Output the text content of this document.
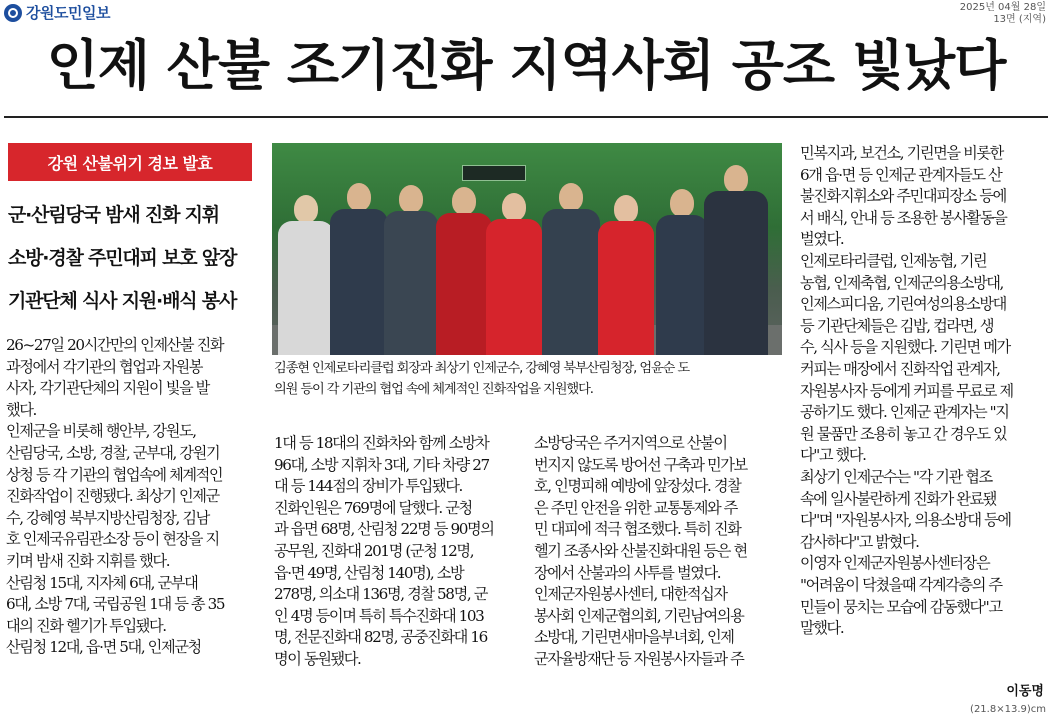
강원도민일보	2025년 04월 28일
13면 (지역)
인제 산불 조기진화 지역사회 공조 빛났다
강원 산불위기 경보 발효
군·산림당국 밤새 진화 지휘
소방·경찰 주민대피 보호 앞장
기관단체 식사 지원·배식 봉사
김종현 인제로타리클럽 회장과 최상기 인제군수, 강혜영 북부산림청장, 엄윤순 도
의원 등이 각 기관의 협업 속에 체계적인 진화작업을 지원했다.
26~27일 20시간만의 인제산불 진화
과정에서 각기관의 협업과 자원봉
사자, 각기관단체의 지원이 빛을 발
했다.
인제군을 비롯해 행안부, 강원도,
산림당국, 소방, 경찰, 군부대, 강원기
상청 등 각 기관의 협업속에 체계적인
진화작업이 진행됐다. 최상기 인제군
수, 강혜영 북부지방산림청장, 김남
호 인제국유림관소장 등이 현장을 지
키며 밤새 진화 지휘를 했다.
산림청 15대, 지자체 6대, 군부대
6대, 소방 7대, 국립공원 1대 등 총 35
대의 진화 헬기가 투입됐다.
산림청 12대, 읍·면 5대, 인제군청
1대 등 18대의 진화차와 함께 소방차
96대, 소방 지휘차 3대, 기타 차량 27
대 등 144점의 장비가 투입됐다.
진화인원은 769명에 달했다. 군청
과 읍면 68명, 산림청 22명 등 90명의
공무원, 진화대 201명 (군청 12명,
읍·면 49명, 산림청 140명), 소방
278명, 의소대 136명, 경찰 58명, 군
인 4명 등이며 특히 특수진화대 103
명, 전문진화대 82명, 공중진화대 16
명이 동원됐다.
소방당국은 주거지역으로 산불이
번지지 않도록 방어선 구축과 민가보
호, 인명피해 예방에 앞장섰다. 경찰
은 주민 안전을 위한 교통통제와 주
민 대피에 적극 협조했다. 특히 진화
헬기 조종사와 산불진화대원 등은 현
장에서 산불과의 사투를 벌였다.
인제군자원봉사센터, 대한적십자
봉사회 인제군협의회, 기린남여의용
소방대, 기린면새마을부녀회, 인제
군자율방재단 등 자원봉사자들과 주
민복지과, 보건소, 기린면을 비롯한
6개 읍·면 등 인제군 관계자들도 산
불진화지휘소와 주민대피장소 등에
서 배식, 안내 등 조용한 봉사활동을
벌였다.
인제로타리클럽, 인제농협, 기린
농협, 인제축협, 인제군의용소방대,
인제스피디움, 기린여성의용소방대
등 기관단체들은 김밥, 컵라면, 생
수, 식사 등을 지원했다. 기린면 메가
커피는 매장에서 진화작업 관계자,
자원봉사자 등에게 커피를 무료로 제
공하기도 했다. 인제군 관계자는 "지
원 물품만 조용히 놓고 간 경우도 있
다"고 했다.
최상기 인제군수는 "각 기관 협조
속에 일사불란하게 진화가 완료됐
다"며 "자원봉사자, 의용소방대 등에
감사하다"고 밝혔다.
이영자 인제군자원봉사센터장은
"어려움이 닥쳤을때 각계각층의 주
민들이 뭉치는 모습에 감동했다"고
말했다.
이동명
(21.8×13.9)cm
